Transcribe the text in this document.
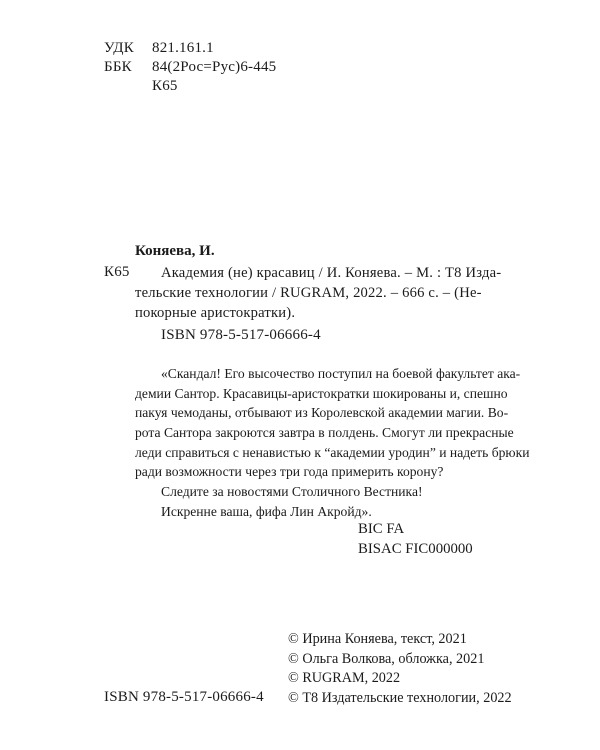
УДК 821.161.1
ББК 84(2Рос=Рус)6-445
К65
Коняева, И.
К65 Академия (не) красавиц / И. Коняева. – М. : Т8 Изда-
тельские технологии / RUGRAM, 2022. – 666 с. – (Не-
покорные аристократки).
ISBN 978-5-517-06666-4
«Скандал! Его высочество поступил на боевой факультет ака-
демии Сантор. Красавицы-аристократки шокированы и, спешно
пакуя чемоданы, отбывают из Королевской академии магии. Во-
рота Сантора закроются завтра в полдень. Смогут ли прекрасные
леди справиться с ненавистью к “академии уродин” и надеть брюки
ради возможности через три года примерить корону?
Следите за новостями Столичного Вестника!
Искренне ваша, фифа Лин Акройд».
BIC FA
BISAC FIC000000
© Ирина Коняева, текст, 2021
© Ольга Волкова, обложка, 2021
© RUGRAM, 2022
© Т8 Издательские технологии, 2022
ISBN 978-5-517-06666-4
